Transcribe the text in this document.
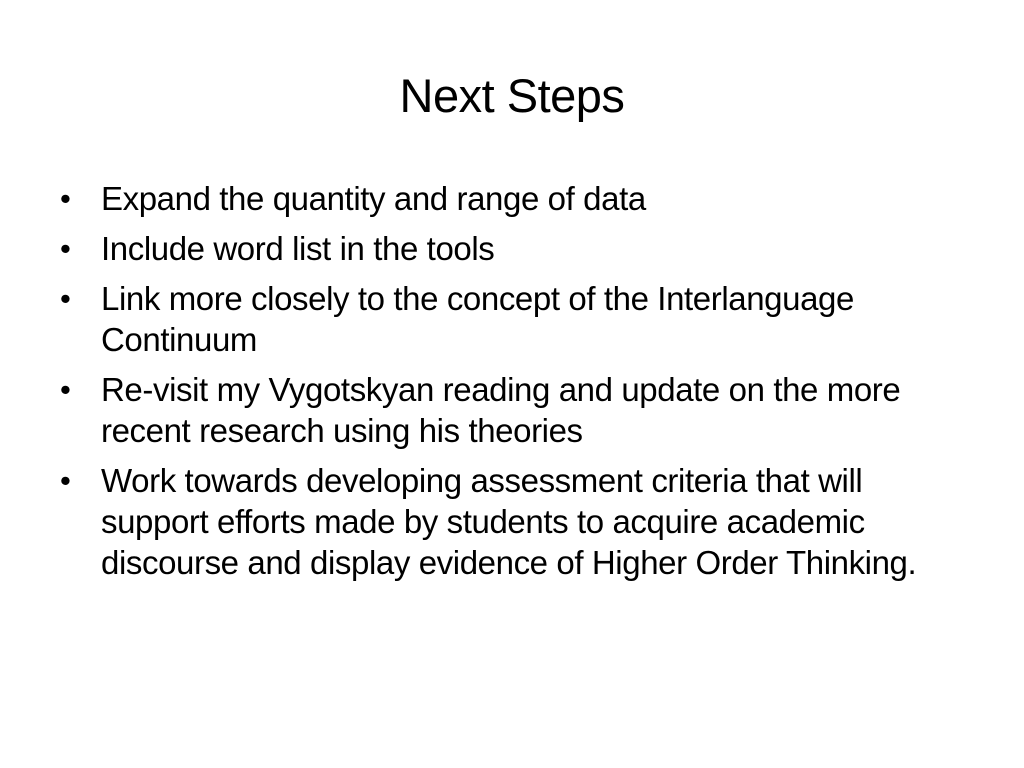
Next Steps
• Expand the quantity and range of data
• Include word list in the tools
• Link more closely to the concept of the Interlanguage Continuum
• Re-visit my Vygotskyan reading and update on the more recent research using his theories
• Work towards developing assessment criteria that will support efforts made by students to acquire academic discourse and display evidence of Higher Order Thinking.
